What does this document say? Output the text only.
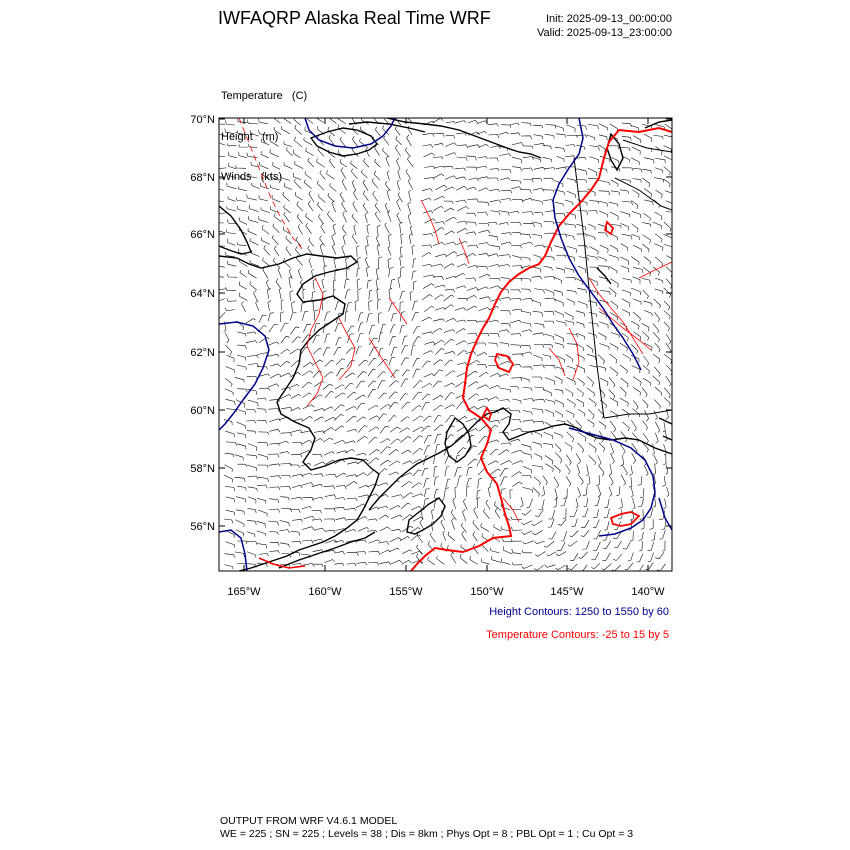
IWFAQRP Alaska Real Time WRF	Init: 2025-09-13_00:00:00
Valid: 2025-09-13_23:00:00

Temperature   (C)

Height   (m)

Winds   (kts)

70°N
68°N
66°N
64°N
62°N
60°N
58°N
56°N
165°W	160°W	155°W	150°W	145°W	140°W
Height Contours: 1250 to 1550 by 60
Temperature Contours: -25 to 15 by 5
OUTPUT FROM WRF V4.6.1 MODEL
WE = 225 ; SN = 225 ; Levels = 38 ; Dis = 8km ; Phys Opt = 8 ; PBL Opt = 1 ; Cu Opt = 3
